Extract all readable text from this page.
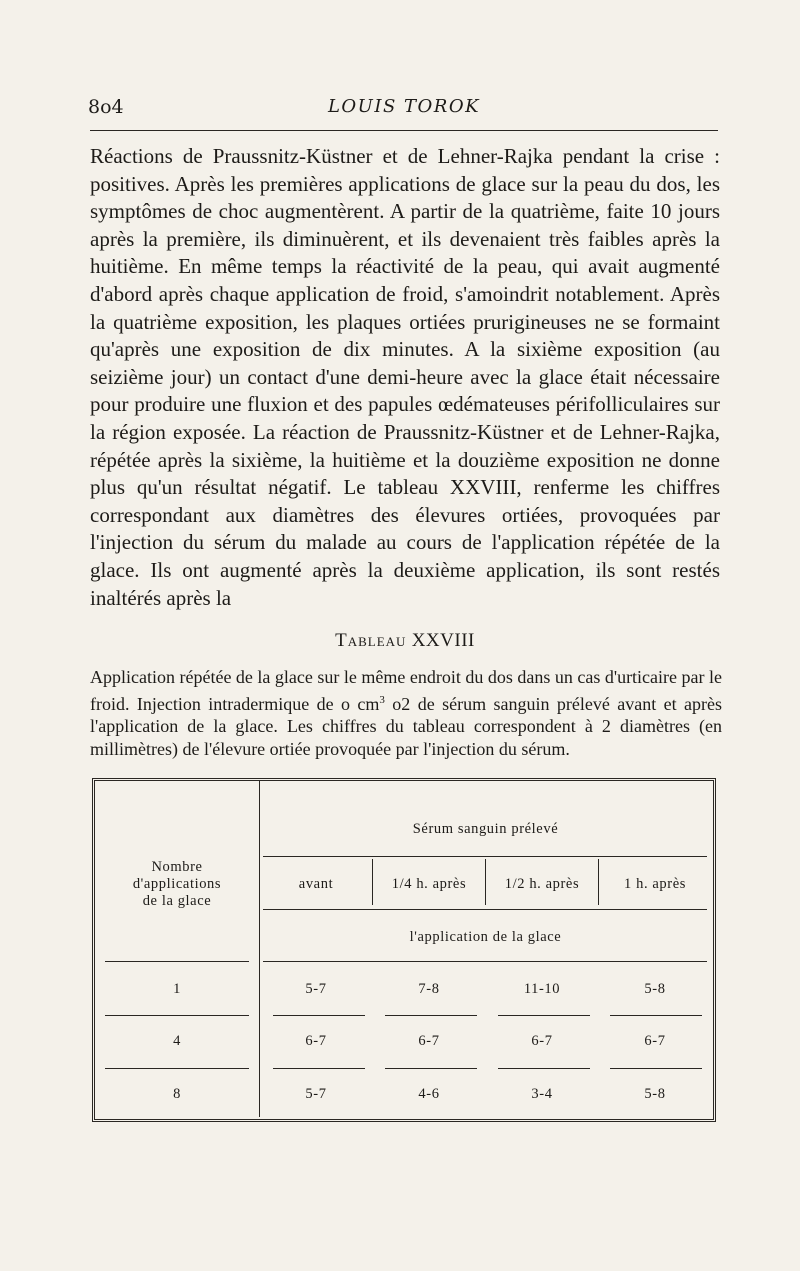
8o4	LOUIS TOROK

Réactions de Praussnitz-Küstner et de Lehner-Rajka pendant la crise : positives. Après les premières applications de glace sur la peau du dos, les symptômes de choc augmentèrent. A partir de la quatrième, faite 10 jours après la première, ils diminuèrent, et ils devenaient très faibles après la huitième. En même temps la réactivité de la peau, qui avait augmenté d'abord après chaque application de froid, s'amoindrit notablement. Après la quatrième exposition, les plaques ortiées prurigineuses ne se formaint qu'après une exposition de dix minutes. A la sixième exposition (au seizième jour) un contact d'une demi-heure avec la glace était nécessaire pour produire une fluxion et des papules œdémateuses périfolliculaires sur la région exposée. La réaction de Praussnitz-Küstner et de Lehner-Rajka, répétée après la sixième, la huitième et la douzième exposition ne donne plus qu'un résultat négatif. Le tableau XXVIII, renferme les chiffres correspondant aux diamètres des élevures ortiées, provoquées par l'injection du sérum du malade au cours de l'application répétée de la glace. Ils ont augmenté après la deuxième application, ils sont restés inaltérés après la

Tableau XXVIII

Application répétée de la glace sur le même endroit du dos dans un cas d'urticaire par le froid. Injection intradermique de o $cm^3$ o2 de sérum sanguin prélevé avant et après l'application de la glace. Les chiffres du tableau correspondent à 2 diamètres (en millimètres) de l'élevure ortiée provoquée par l'injection du sérum.

Nombre
d'applications
de la glace
Sérum sanguin prélevé
avant	1/4 h. après	1/2 h. après	1 h. après
l'application de la glace
1	5-7	7-8	11-10	5-8
4	6-7	6-7	6-7	6-7
8	5-7	4-6	3-4	5-8
